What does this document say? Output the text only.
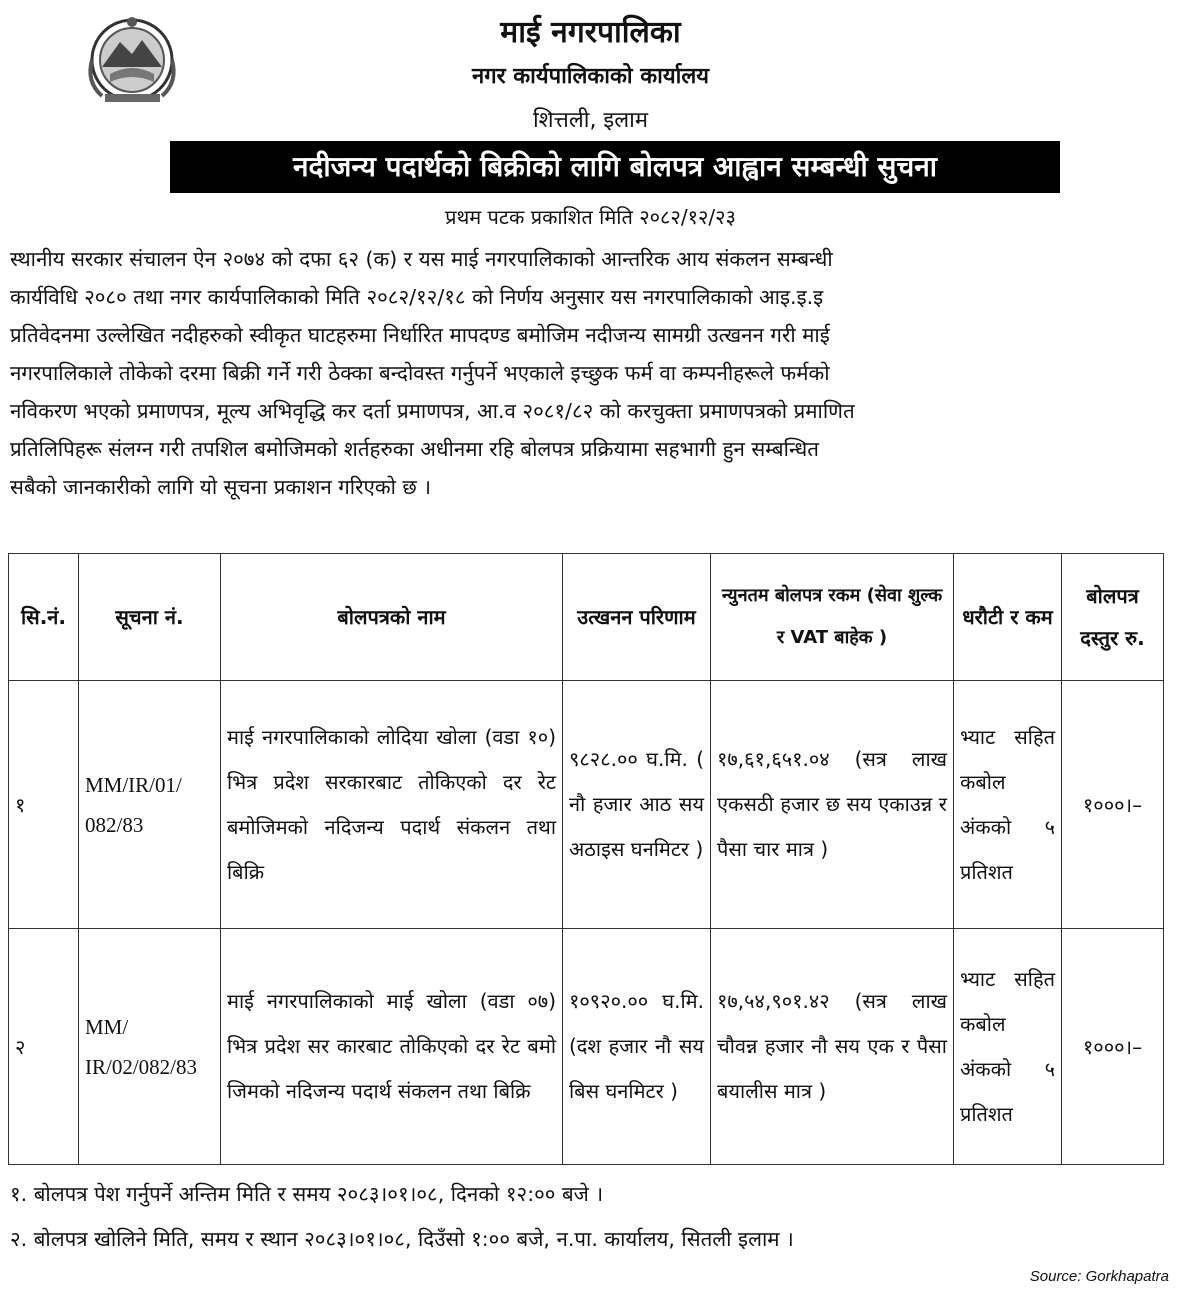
माई नगरपालिका
नगर कार्यपालिकाको कार्यालय
शित्तली, इलाम
नदीजन्य पदार्थको बिक्रीको लागि बोलपत्र आह्वान सम्बन्धी सुचना
प्रथम पटक प्रकाशित मिति २०८२/१२/२३
स्थानीय सरकार संचालन ऐन २०७४ को दफा ६२ (क) र यस माई नगरपालिकाको आन्तरिक आय संकलन सम्बन्धी
कार्यविधि २०८० तथा नगर कार्यपालिकाको मिति २०८२/१२/१८ को निर्णय अनुसार यस नगरपालिकाको आइ.इ.इ
प्रतिवेदनमा उल्लेखित नदीहरुको स्वीकृत घाटहरुमा निर्धारित मापदण्ड बमोजिम नदीजन्य सामग्री उत्खनन गरी माई
नगरपालिकाले तोकेको दरमा बिक्री गर्ने गरी ठेक्का बन्दोवस्त गर्नुपर्ने भएकाले इच्छुक फर्म वा कम्पनीहरूले फर्मको
नविकरण भएको प्रमाणपत्र, मूल्य अभिवृद्धि कर दर्ता प्रमाणपत्र, आ.व २०८१/८२ को करचुक्ता प्रमाणपत्रको प्रमाणित
प्रतिलिपिहरू संलग्न गरी तपशिल बमोजिमको शर्तहरुका अधीनमा रहि बोलपत्र प्रक्रियामा सहभागी हुन सम्बन्धित
सबैको जानकारीको लागि यो सूचना प्रकाशन गरिएको छ ।
सि.नं.	सूचना नं.	बोलपत्रको नाम	उत्खनन परिणाम	न्युनतम बोलपत्र रकम (सेवा शुल्क र VAT बाहेक )	धरौटी र कम	बोलपत्र दस्तुर रु.
१	MM/IR/01/ 082/83	माई नगरपालिकाको लोदिया खोला (वडा १०) भित्र प्रदेश सरकारबाट तोकिएको दर रेट बमोजिमको नदिजन्य पदार्थ संकलन तथा बिक्रि	९८२८.०० घ.मि. ( नौ हजार आठ सय अठाइस घनमिटर )	१७,६१,६५१.०४ (सत्र लाख एकसठी हजार छ सय एकाउन्न र पैसा चार मात्र )	भ्याट सहित कबोल अंकको ५ प्रतिशत	१०००।–
२	MM/ IR/02/082/83	माई नगरपालिकाको माई खोला (वडा ०७) भित्र प्रदेश सर कारबाट तोकिएको दर रेट बमो जिमको नदिजन्य पदार्थ संकलन तथा बिक्रि	१०९२०.०० घ.मि. (दश हजार नौ सय बिस घनमिटर )	१७,५४,९०१.४२ (सत्र लाख चौवन्न हजार नौ सय एक र पैसा बयालीस मात्र )	भ्याट सहित कबोल अंकको ५ प्रतिशत	१०००।–
१. बोलपत्र पेश गर्नुपर्ने अन्तिम मिति र समय २०८३।०१।०८, दिनको १२:०० बजे ।
२. बोलपत्र खोलिने मिति, समय र स्थान २०८३।०१।०८, दिउँसो १:०० बजे, न.पा. कार्यालय, सितली इलाम ।
Source: Gorkhapatra
